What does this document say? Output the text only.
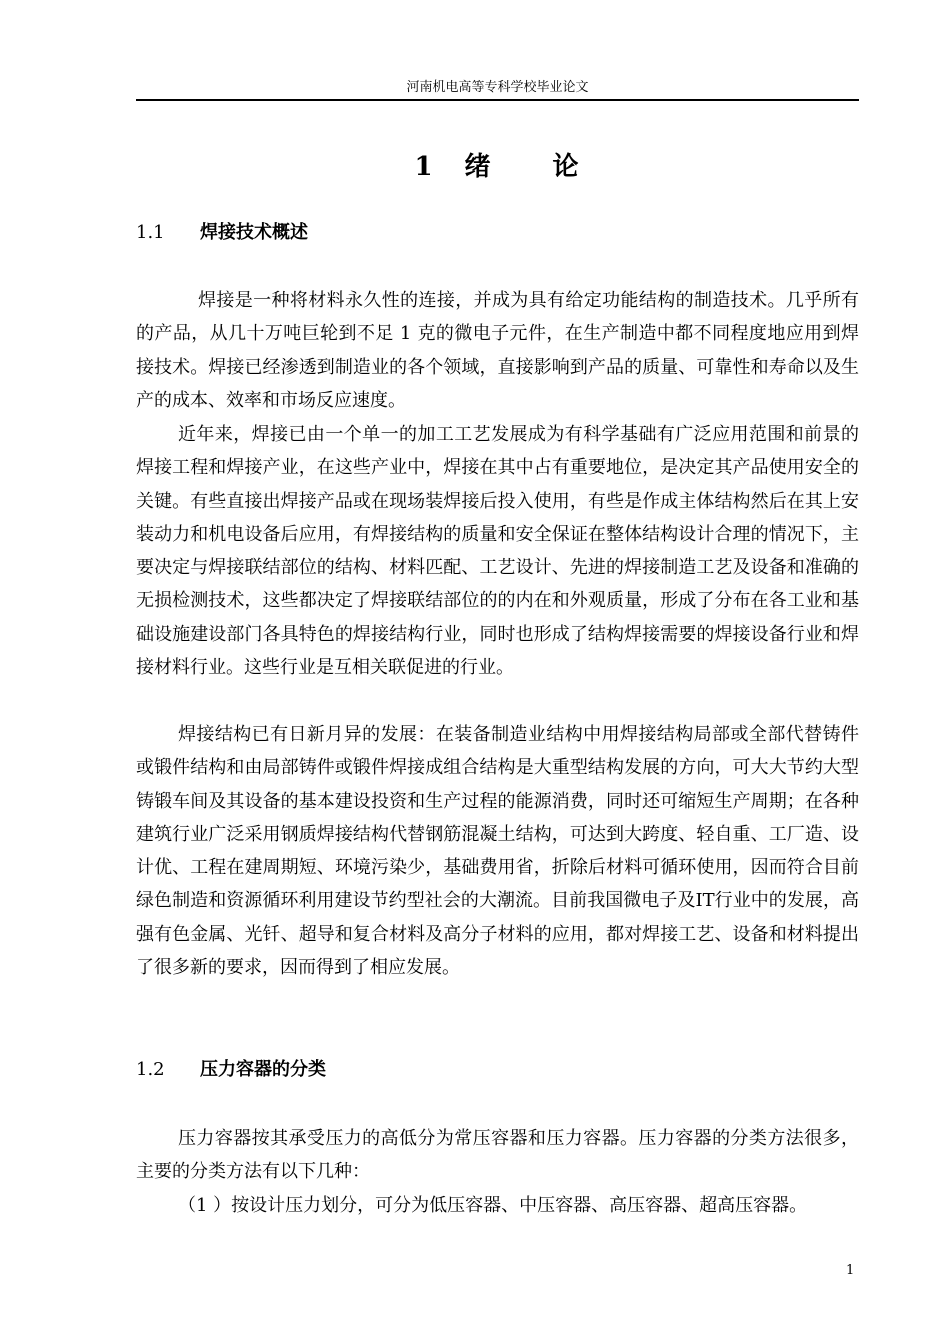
河南机电高等专科学校毕业论文
1 绪 论
1.1 焊接技术概述

焊接是一种将材料永久性的连接，并成为具有给定功能结构的制造技术。几乎所有的产品，从几十万吨巨轮到不足 1 克的微电子元件，在生产制造中都不同程度地应用到焊接技术。焊接已经渗透到制造业的各个领域，直接影响到产品的质量、可靠性和寿命以及生产的成本、效率和市场反应速度。

近年来，焊接已由一个单一的加工工艺发展成为有科学基础有广泛应用范围和前景的焊接工程和焊接产业，在这些产业中，焊接在其中占有重要地位，是决定其产品使用安全的关键。有些直接出焊接产品或在现场装焊接后投入使用，有些是作成主体结构然后在其上安装动力和机电设备后应用，有焊接结构的质量和安全保证在整体结构设计合理的情况下，主要决定与焊接联结部位的结构、材料匹配、工艺设计、先进的焊接制造工艺及设备和准确的无损检测技术，这些都决定了焊接联结部位的的内在和外观质量，形成了分布在各工业和基础设施建设部门各具特色的焊接结构行业，同时也形成了结构焊接需要的焊接设备行业和焊接材料行业。这些行业是互相关联促进的行业。

焊接结构已有日新月异的发展：在装备制造业结构中用焊接结构局部或全部代替铸件或锻件结构和由局部铸件或锻件焊接成组合结构是大重型结构发展的方向，可大大节约大型铸锻车间及其设备的基本建设投资和生产过程的能源消费，同时还可缩短生产周期；在各种建筑行业广泛采用钢质焊接结构代替钢筋混凝土结构，可达到大跨度、轻自重、工厂造、设计优、工程在建周期短、环境污染少，基础费用省，折除后材料可循环使用，因而符合目前绿色制造和资源循环利用建设节约型社会的大潮流。目前我国微电子及IT行业中的发展，高强有色金属、光钎、超导和复合材料及高分子材料的应用，都对焊接工艺、设备和材料提出了很多新的要求，因而得到了相应发展。

1.2 压力容器的分类

压力容器按其承受压力的高低分为常压容器和压力容器。压力容器的分类方法很多，主要的分类方法有以下几种：

（1 ）按设计压力划分，可分为低压容器、中压容器、高压容器、超高压容器。

1
